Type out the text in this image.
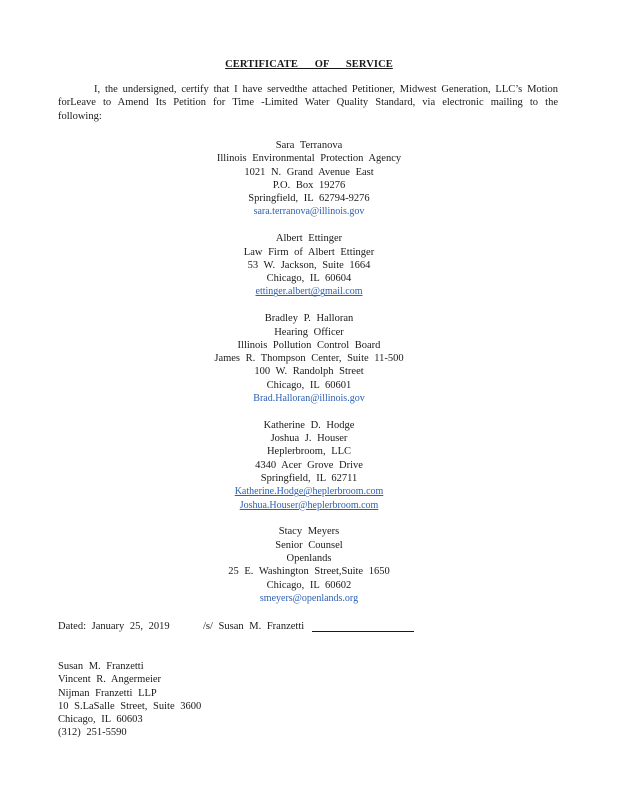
CERTIFICATE OF SERVICE
I, the undersigned, certify that I have servedthe attached Petitioner, Midwest Generation, LLC’s Motion forLeave to Amend Its Petition for Time -Limited Water Quality Standard, via electronic mailing to the following:
Sara Terranova
Illinois Environmental Protection Agency
1021 N. Grand Avenue East
P.O. Box 19276
Springfield, IL 62794-9276
sara.terranova@illinois.gov
Albert Ettinger
Law Firm of Albert Ettinger
53 W. Jackson, Suite 1664
Chicago, IL 60604
ettinger.albert@gmail.com
Bradley P. Halloran
Hearing Officer
Illinois Pollution Control Board
James R. Thompson Center, Suite 11-500
100 W. Randolph Street
Chicago, IL 60601
Brad.Halloran@illinois.gov
Katherine D. Hodge
Joshua J. Houser
Heplerbroom, LLC
4340 Acer Grove Drive
Springfield, IL 62711
Katherine.Hodge@heplerbroom.com
Joshua.Houser@heplerbroom.com
Stacy Meyers
Senior Counsel
Openlands
25 E. Washington Street,Suite 1650
Chicago, IL 60602
smeyers@openlands.org
Dated: January 25, 2019	/s/ Susan M. Franzetti
Susan M. Franzetti
Vincent R. Angermeier
Nijman Franzetti LLP
10 S.LaSalle Street, Suite 3600
Chicago, IL 60603
(312) 251-5590
